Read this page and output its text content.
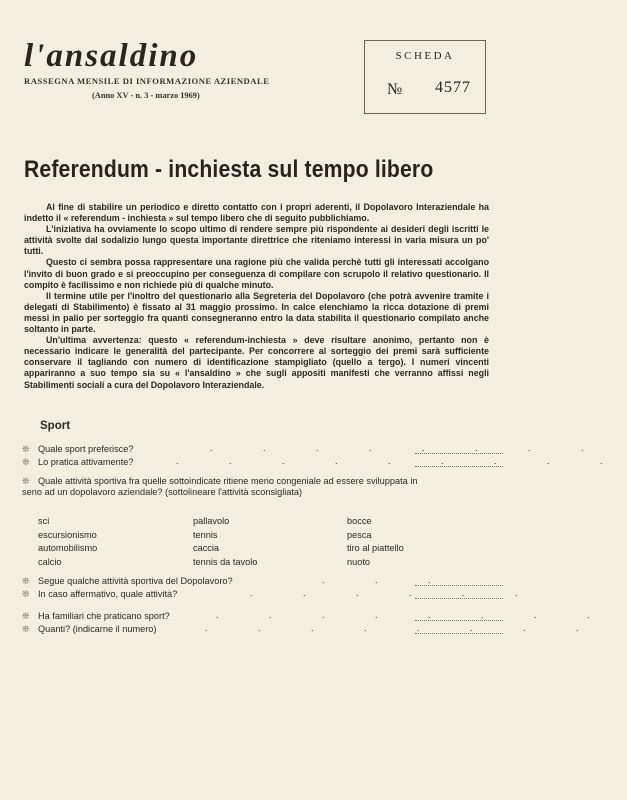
l'ansaldino
RASSEGNA MENSILE DI INFORMAZIONE AZIENDALE
(Anno XV - n. 3 - marzo 1969)
SCHEDA
№ 4577
Referendum - inchiesta sul tempo libero

Al fine di stabilire un periodico e diretto contatto con i propri aderenti, il Dopolavoro Interaziendale ha indetto il « referendum - inchiesta » sul tempo libero che di seguito pubblichiamo.

L'iniziativa ha ovviamente lo scopo ultimo di rendere sempre più rispondente ai desideri degli iscritti le attività svolte dal sodalizio lungo questa importante direttrice che riteniamo interessi in varia misura un po' tutti.

Questo ci sembra possa rappresentare una ragione più che valida perchè tutti gli interessati accolgano l'invito di buon grado e si preoccupino per conseguenza di compilare con scrupolo il relativo questionario. Il compito è facilissimo e non richiede più di qualche minuto.

Il termine utile per l'inoltro del questionario alla Segreteria del Dopolavoro (che potrà avvenire tramite i delegati di Stabilimento) è fissato al 31 maggio prossimo. In calce elenchiamo la ricca dotazione di premi messi in palio per sorteggio fra quanti consegneranno entro la data stabilita il questionario compilato anche soltanto in parte.

Un'ultima avvertenza: questo « referendum-inchiesta » deve risultare anonimo, pertanto non è necessario indicare le generalità del partecipante. Per concorrere al sorteggio dei premi sarà sufficiente conservare il tagliando con numero di identificazione stampigliato (quello a tergo). I numeri vincenti appariranno a suo tempo sia su « l'ansaldino » che sugli appositi manifesti che verranno affissi negli Stabilimenti sociali a cura del Dopolavoro Interaziendale.

Sport
❊ Quale sport preferisce?	. . . . . . . .
❊ Lo pratica attivamente?	. . . . . . . . .
❊ Quale attività sportiva fra quelle sottoindicate ritiene meno congeniale ad essere sviluppata in seno ad un dopolavoro aziendale? (sottolineare l'attività sconsigliata)
sci	pallavolo	bocce
escursionismo	tennis	pesca
automobilismo	caccia	tiro al piattello
calcio	tennis da tavolo	nuoto
❊ Segue qualche attività sportiva del Dopolavoro?	. . .
❊ In caso affermativo, quale attività?	. . . . . .
❊ Ha familiari che praticano sport?	. . . . . . . .
❊ Quanti? (indicarne il numero)	. . . . . . . .
